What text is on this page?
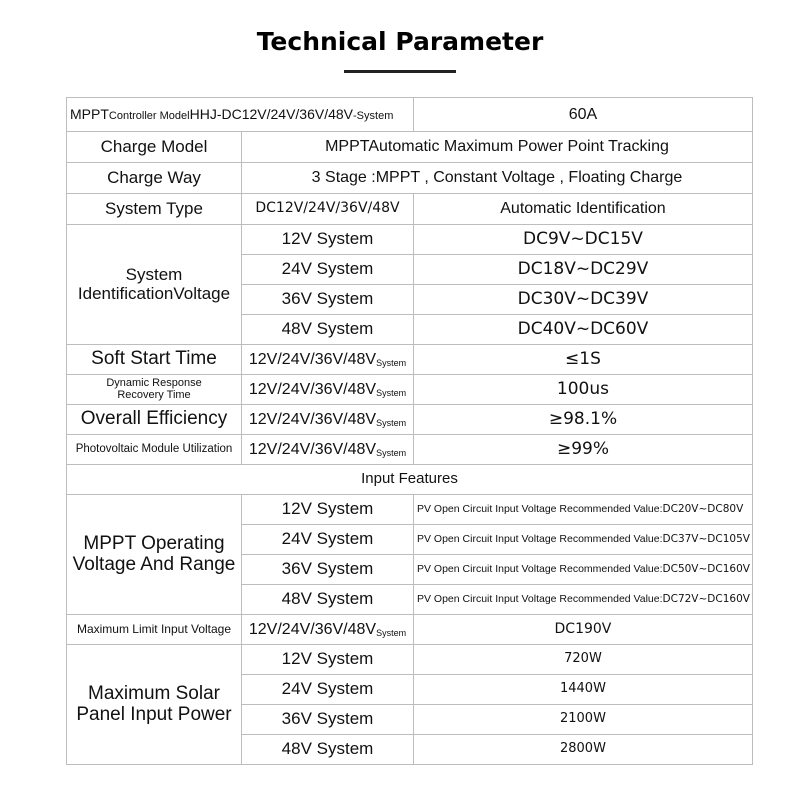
Technical Parameter
MPPTController ModelHHJ-DC12V/24V/36V/48V-System		60A
Charge Model	MPPTAutomatic Maximum Power Point Tracking	
Charge Way	3 Stage :MPPT , Constant Voltage , Floating Charge	
System Type	DC12V/24V/36V/48V	Automatic Identification

System
IdentificationVoltage	12V System	DC9V~DC15V
	24V System	DC18V~DC29V
	36V System	DC30V~DC39V
	48V System	DC40V~DC60V
Soft Start Time	$12V/24V/36V/48V_{System}$	≤1S

Dynamic Response
Recovery Time	$12V/24V/36V/48V_{System}$	100us
Overall Efficiency	$12V/24V/36V/48V_{System}$	≥98.1%
Photovoltaic Module Utilization	$12V/24V/36V/48V_{System}$	≥99%
Input Features		

MPPT Operating
Voltage And Range	12V System	PV Open Circuit Input Voltage Recommended Value:DC20V~DC80V
	24V System	PV Open Circuit Input Voltage Recommended Value:DC37V~DC105V
	36V System	PV Open Circuit Input Voltage Recommended Value:DC50V~DC160V
	48V System	PV Open Circuit Input Voltage Recommended Value:DC72V~DC160V
Maximum Limit Input Voltage	$12V/24V/36V/48V_{System}$	DC190V

Maximum Solar
Panel Input Power	12V System	720W
	24V System	1440W
	36V System	2100W
	48V System	2800W
